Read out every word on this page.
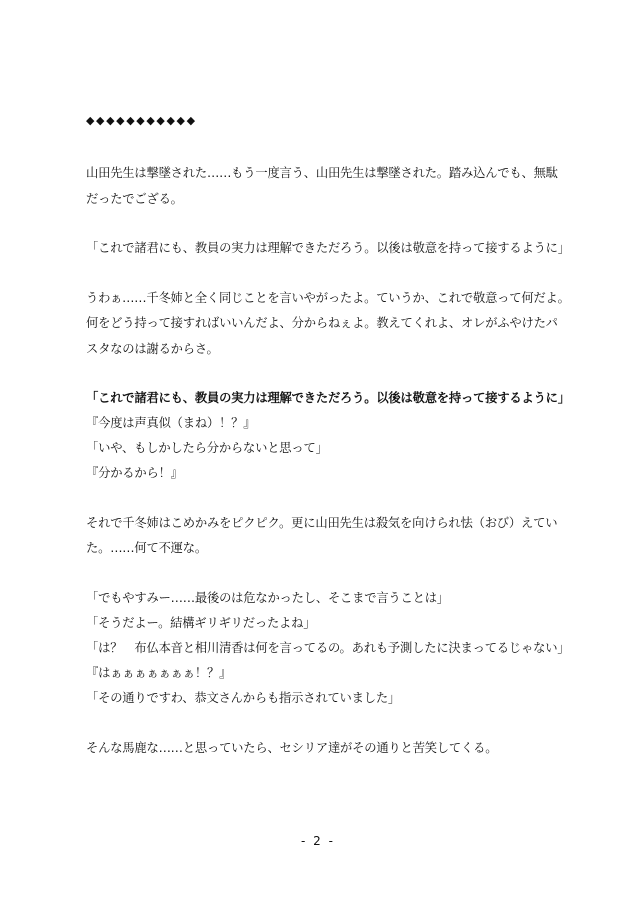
◆◆◆◆◆◆◆◆◆◆◆
山田先生は撃墜された……もう一度言う、山田先生は撃墜された。踏み込んでも、無駄
だったでござる。
「これで諸君にも、教員の実力は理解できただろう。以後は敬意を持って接するように」
うわぁ……千冬姉と全く同じことを言いやがったよ。ていうか、これで敬意って何だよ。
何をどう持って接すればいいんだよ、分からねぇよ。教えてくれよ、オレがふやけたパ
スタなのは謝るからさ。
「これで諸君にも、教員の実力は理解できただろう。以後は敬意を持って接するように」
『今度は声真似（まね）！？』
「いや、もしかしたら分からないと思って」
『分かるから！』
それで千冬姉はこめかみをピクピク。更に山田先生は殺気を向けられ怯（おび）えてい
た。……何て不運な。
「でもやすみー……最後のは危なかったし、そこまで言うことは」
「そうだよー。結構ギリギリだったよね」
「は？　布仏本音と相川清香は何を言ってるの。あれも予測したに決まってるじゃない」
『はぁぁぁぁぁぁぁ！？』
「その通りですわ、恭文さんからも指示されていました」
そんな馬鹿な……と思っていたら、セシリア達がその通りと苦笑してくる。
- 2 -
